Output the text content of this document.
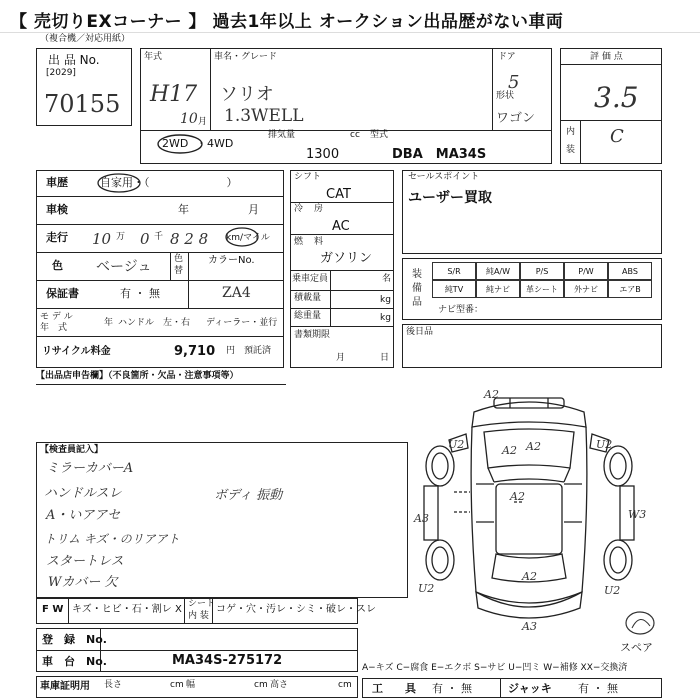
【 売切りEXコーナー 】 過去1年以上 オークション出品歴がない車両
（複合機／対応用紙）
出 品 No.
[2029]
70155
年式
H17
10 月
車名・グレード
ソリオ
1.3WELL
ドア
5
形状
ワゴン
2WD ・4WD
排気量	cc
1300
型式
DBA　MA34S
評 価 点
3.5
内
装
C
車歴	自家用・（　　　　　　　）
車検	年	月
走行 10 万 0 千 8 2 8 km/マイル
色 ベージュ	色
替
カラーNo.
保証書	有 ・ 無	ZA4
モ デ ル
年　式	年 ハンドル　左・右 ディーラー・並行
リサイクル料金	9,710 円　預託済
シフト
CAT
冷 房
AC
燃 料
ガソリン
乗車定員	名
積載量	kg
総重量	kg
書類期限
月	日
セールスポイント
ユーザー買取
装 備 品
ナビ型番：
後日品
【出品店申告欄】（不良箇所・欠品・注意事項等）
【検査員記入】
ミラーカバーA
ハンドルスレ
A・いアアセ
トリム キズ・のリアアト
スタートレス
Wカバー 欠
ボディ 振動
F W キズ・ヒビ・石・割レ X シート
内 装
コゲ・穴・汚レ・シミ・破レ・スレ
登　録　No.
車　台　No.	MA34S-275172
車庫証明用 長さ	cm 幅	cm 高さ	cm
A−キズ C−腐食 E−エクボ S−サビ U−凹ミ W−補修 XX−交換済
工　　具 有 ・ 無	ジャッキ 有 ・ 無
スペア
A2
A2 A2
U2	U2
A3
A2
W3
U2	U2
A2
A3
S/R	純A/W	P/S	P/W	ABS
純TV	純ナビ	革シート	外ナビ	エアB
